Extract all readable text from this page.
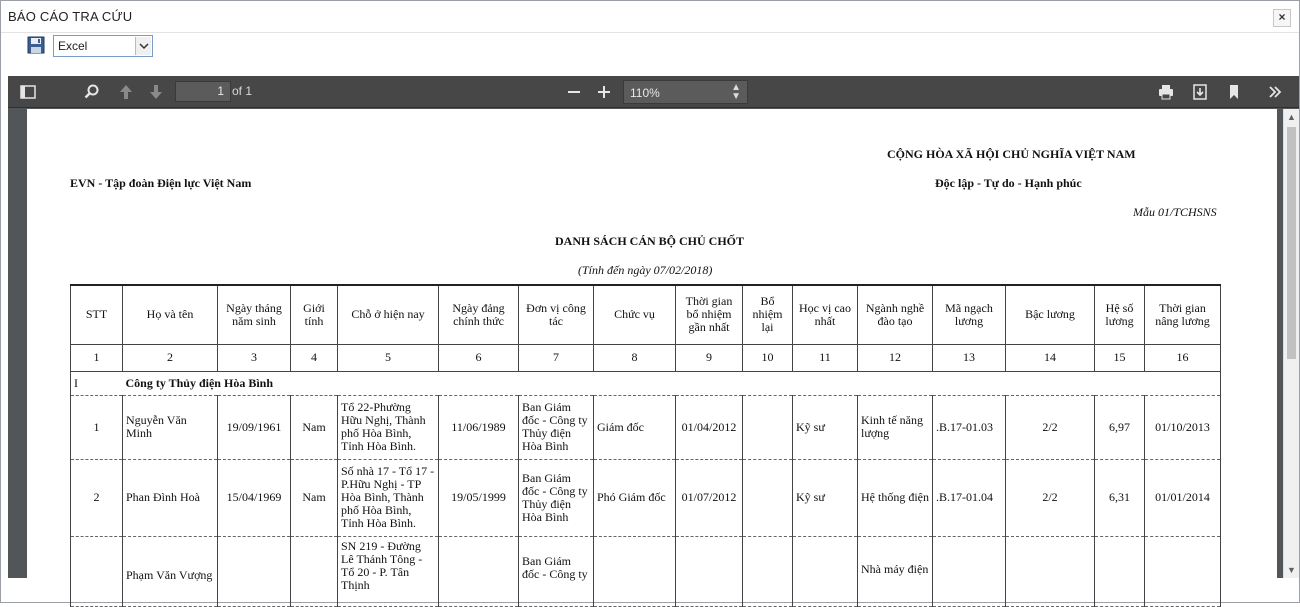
BÁO CÁO TRA CỨU	×
Excel
1 of 1	110%	▲
▼
CỘNG HÒA XÃ HỘI CHỦ NGHĨA VIỆT NAM
EVN - Tập đoàn Điện lực Việt Nam	Độc lập - Tự do - Hạnh phúc
Mẫu 01/TCHSNS
DANH SÁCH CÁN BỘ CHỦ CHỐT
(Tính đến ngày 07/02/2018)
STT	Họ và tên	Ngày tháng năm sinh	Giới tính	Chỗ ở hiện nay	Ngày đảng chính thức	Đơn vị công tác	Chức vụ	Thời gian bổ nhiệm gần nhất	Bổ nhiệm lại	Học vị cao nhất	Ngành nghề đào tạo	Mã ngạch lương	Bậc lương	Hệ số lương	Thời gian nâng lương
1	2	3	4	5	6	7	8	9	10	11	12	13	14	15	16
I	Công ty Thủy điện Hòa Bình														
1	Nguyễn Văn Minh	19/09/1961	Nam	Tổ 22-Phường Hữu Nghị, Thành phố Hòa Bình, Tỉnh Hòa Bình.	11/06/1989	Ban Giám đốc - Công ty Thủy điện Hòa Bình	Giám đốc	01/04/2012		Kỹ sư	Kinh tế năng lượng	.B.17-01.03	2/2	6,97	01/10/2013
2	Phan Đình Hoà	15/04/1969	Nam	Số nhà 17 - Tổ 17 - P.Hữu Nghị - TP Hòa Bình, Thành phố Hòa Bình, Tỉnh Hòa Bình.	19/05/1999	Ban Giám đốc - Công ty Thủy điện Hòa Bình	Phó Giám đốc	01/07/2012		Kỹ sư	Hệ thống điện	.B.17-01.04	2/2	6,31	01/01/2014
	Phạm Văn Vượng			SN 219 - Đường Lê Thánh Tông - Tổ 20 - P. Tân Thịnh		Ban Giám đốc - Công ty					Nhà máy điện				
▲
▼
